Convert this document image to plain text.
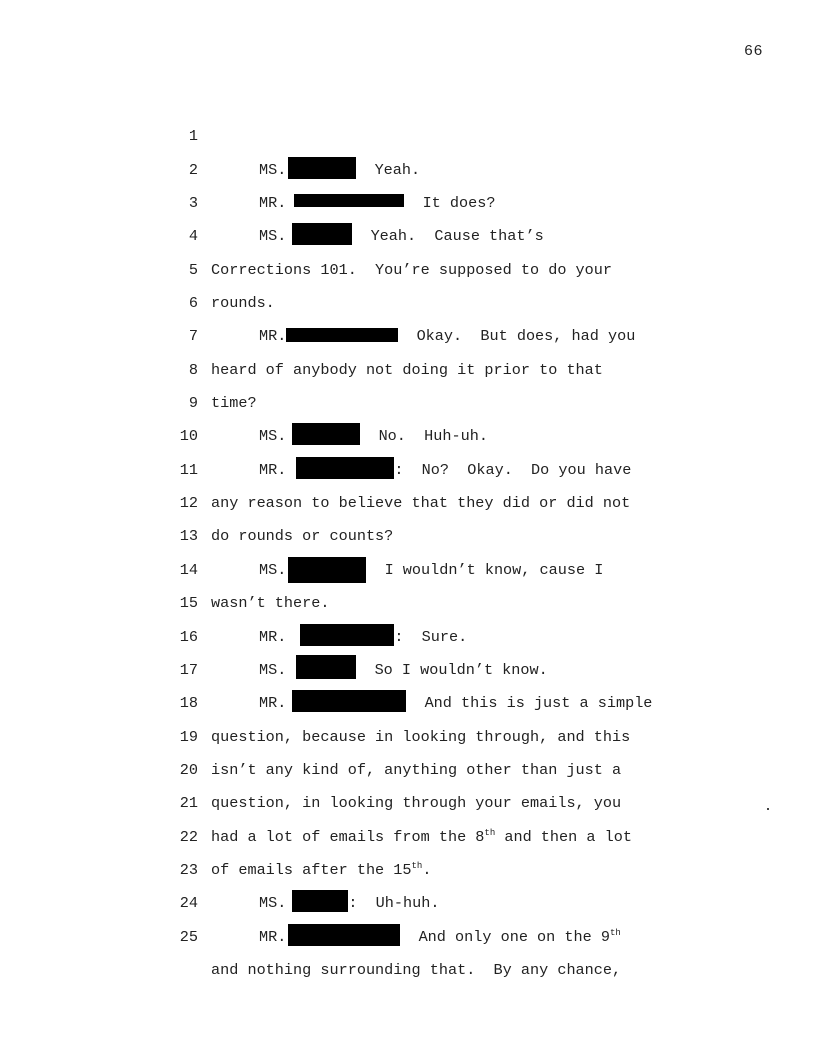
66

1

MS.	Yeah.

2

MR.	It does?

3

MS.	Yeah.  Cause that’s

4

Corrections 101.  You’re supposed to do your

5

rounds.

6

MR.	Okay.  But does, had you

7

heard of anybody not doing it prior to that

8

time?

9

MS.	No.  Huh-uh.

10

MR.	:  No?  Okay.  Do you have

11

any reason to believe that they did or did not

12

do rounds or counts?

13

MS.	I wouldn’t know, cause I

14

wasn’t there.

15

MR.	:  Sure.

16

MS.	So I wouldn’t know.

17

MR.	And this is just a simple

18

question, because in looking through, and this

19

isn’t any kind of, anything other than just a

20

question, in looking through your emails, you

21

had a lot of emails from the 8th and then a lot

22

of emails after the 15th.

23

MS.	:  Uh-huh.

24

MR.	And only one on the 9th

25

and nothing surrounding that.  By any chance,
